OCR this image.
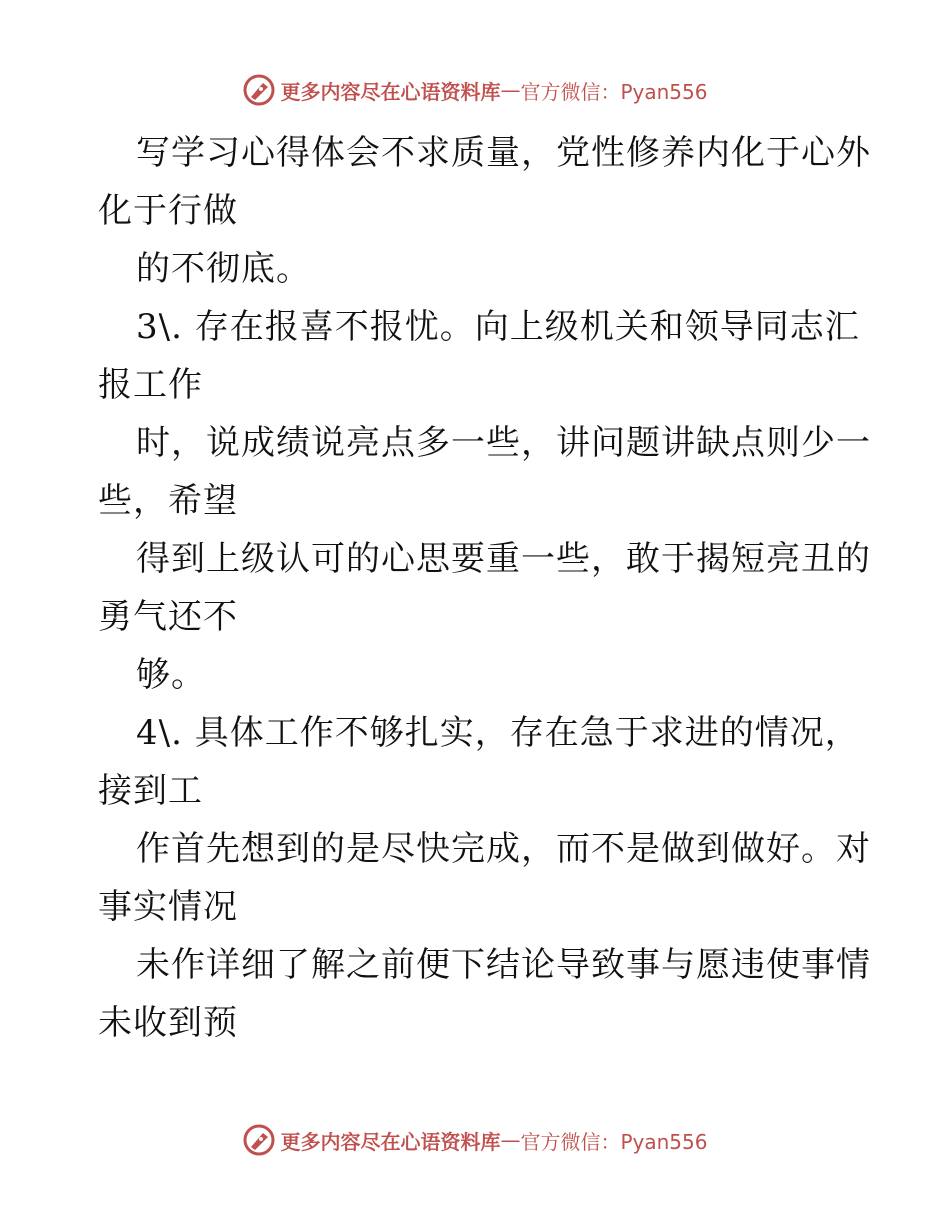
更多内容尽在心语资料库 — 官方微信：Pyan556
写学习心得体会不求质量，党性修养内化于心外
化于行做
的不彻底。
3\. 存在报喜不报忧。向上级机关和领导同志汇
报工作
时，说成绩说亮点多一些，讲问题讲缺点则少一
些，希望
得到上级认可的心思要重一些，敢于揭短亮丑的
勇气还不
够。
4\. 具体工作不够扎实，存在急于求进的情况，
接到工
作首先想到的是尽快完成，而不是做到做好。对
事实情况
未作详细了解之前便下结论导致事与愿违使事情
未收到预
更多内容尽在心语资料库 — 官方微信：Pyan556
